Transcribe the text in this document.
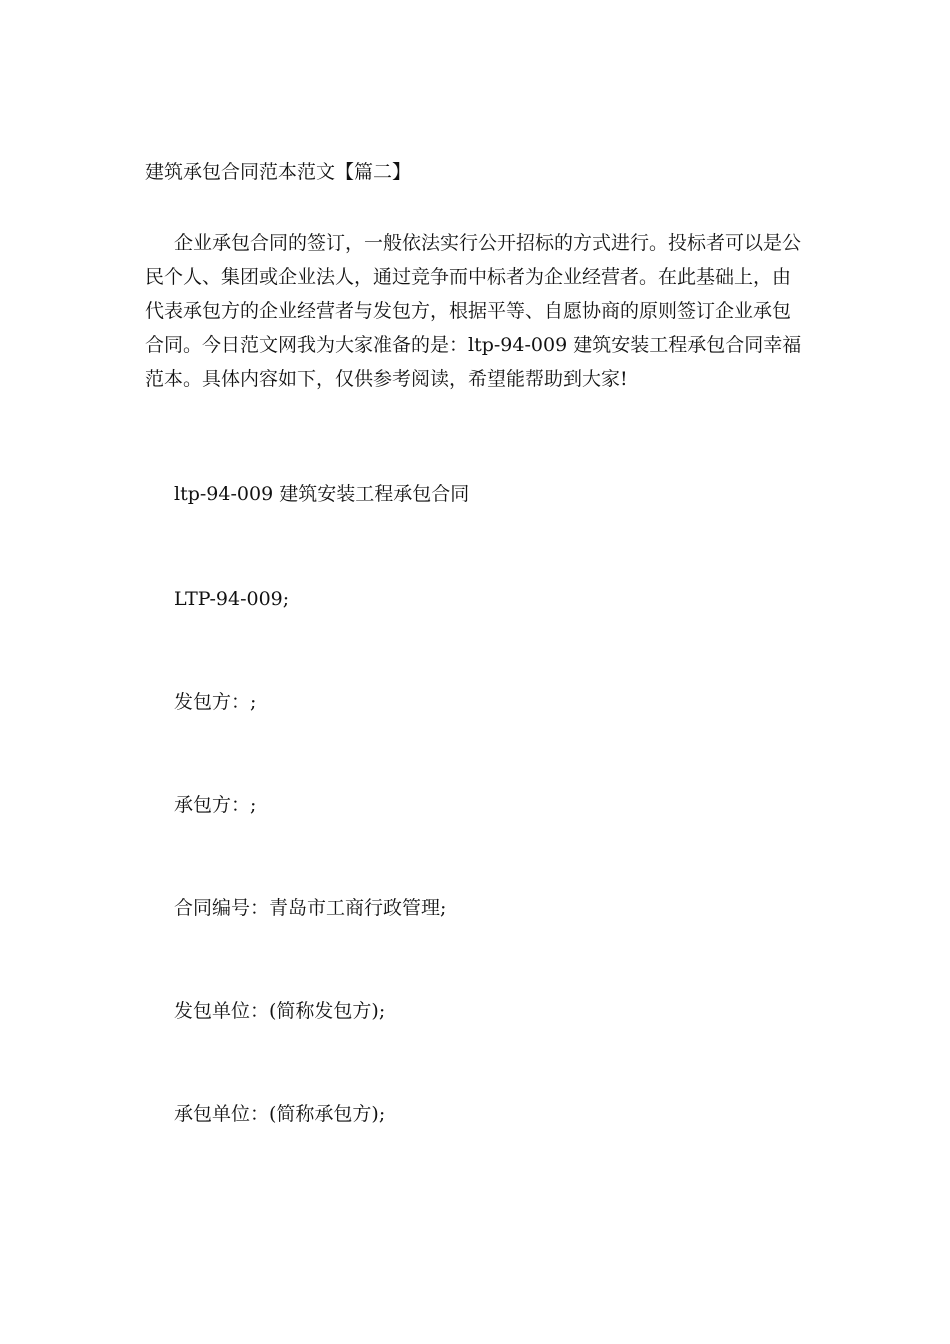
建筑承包合同范本范文【篇二】
企业承包合同的签订，一般依法实行公开招标的方式进行。投标者可以是公
民个人、集团或企业法人，通过竞争而中标者为企业经营者。在此基础上，由
代表承包方的企业经营者与发包方，根据平等、自愿协商的原则签订企业承包
合同。今日范文网我为大家准备的是：ltp-94-009 建筑安装工程承包合同幸福
范本。具体内容如下，仅供参考阅读，希望能帮助到大家!
ltp-94-009 建筑安装工程承包合同
LTP-94-009;
发包方：;
承包方：;
合同编号：青岛市工商行政管理;
发包单位：(简称发包方);
承包单位：(简称承包方);
